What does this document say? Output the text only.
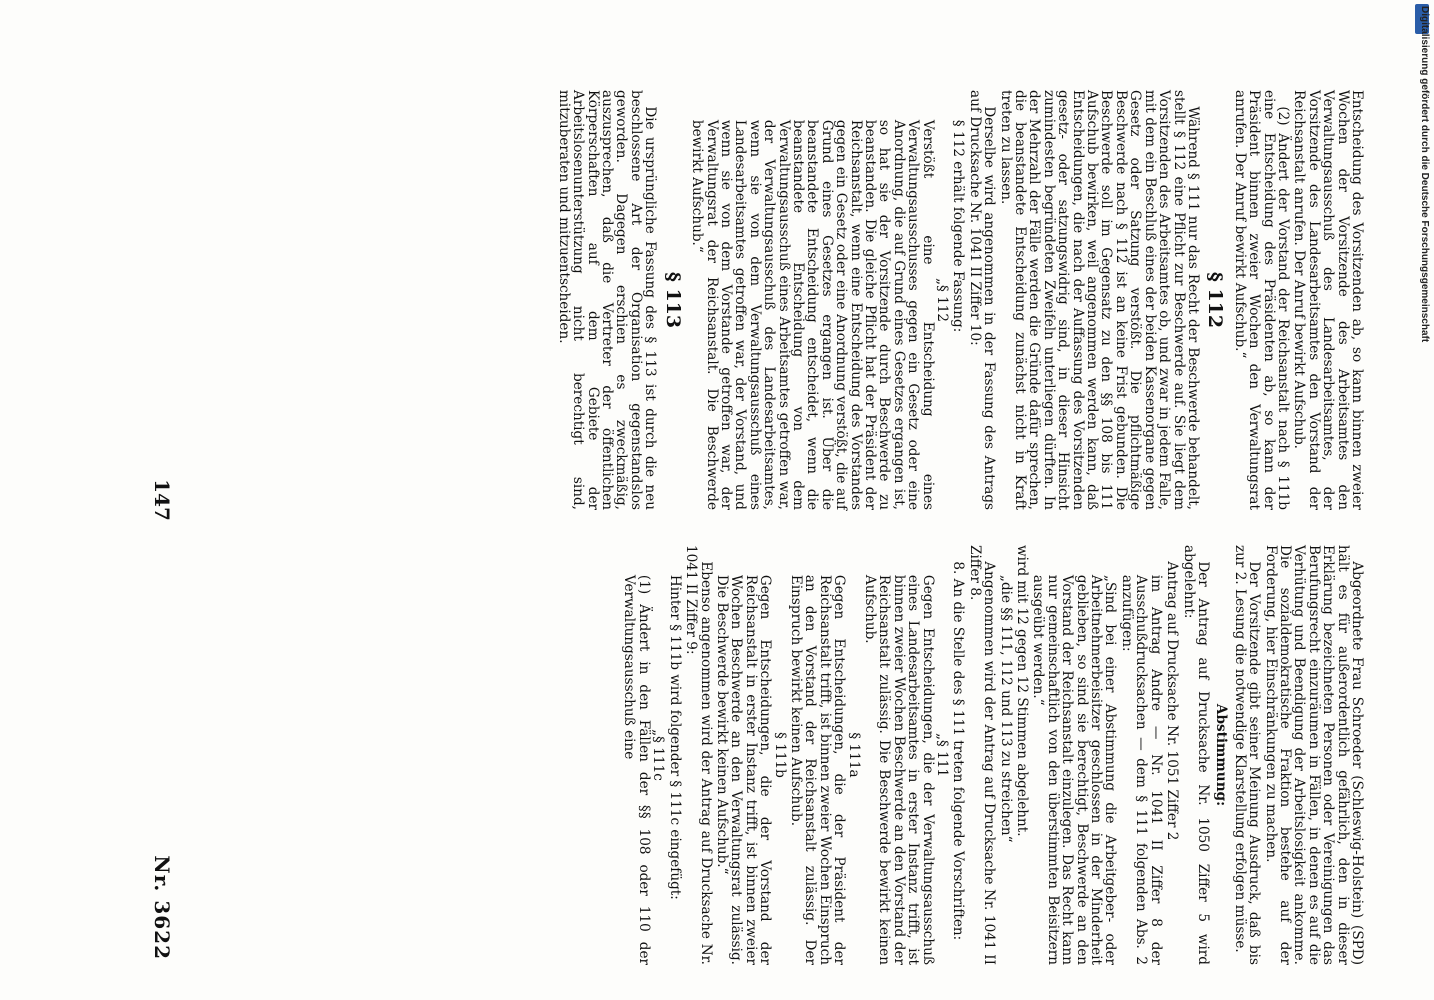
147
Nr. 3622	Abgeordnete Frau Schroeder (Schleswig-Holstein) (SPD) hält es für außerordentlich gefährlich, den in dieser Erklärung bezeichneten Personen oder Vereinigungen das Berufungsrecht einzuräumen in Fällen, in denen es auf die Verhütung und Beendigung der Arbeitslosigkeit ankomme. Die sozialdemokratische Fraktion bestehe auf der Forderung, hier Einschränkungen zu machen.
Der Vorsitzende gibt seiner Meinung Ausdruck, daß bis zur 2. Lesung die notwendige Klarstellung erfolgen müsse.
Abstimmung:
Der Antrag auf Drucksache Nr. 1050 Ziffer 5 wird abgelehnt:
Antrag auf Drucksache Nr. 1051 Ziffer 2
im Antrag Andre — Nr. 1041 II Ziffer 8 der Ausschußdrucksachen — dem § 111 folgenden Abs. 2 anzufügen:
„Sind bei einer Abstimmung die Arbeitgeber- oder Arbeitnehmerbeisitzer geschlossen in der Minderheit geblieben, so sind sie berechtigt, Beschwerde an den Vorstand der Reichsanstalt einzulegen. Das Recht kann nur gemeinschaftlich von den überstimmten Beisitzern ausgeübt werden.“
wird mit 12 gegen 12 Stimmen abgelehnt.
„die §§ 111, 112 und 113 zu streichen“
Angenommen wird der Antrag auf Drucksache Nr. 1041 II Ziffer 8.
8. An die Stelle des § 111 treten folgende Vorschriften:
„§ 111
Gegen Entscheidungen, die der Verwaltungsausschuß eines Landesarbeitsamtes in erster Instanz trifft, ist binnen zweier Wochen Beschwerde an den Vorstand der Reichsanstalt zulässig. Die Beschwerde bewirkt keinen Aufschub.
§ 111a
Gegen Entscheidungen, die der Präsident der Reichsanstalt trifft, ist binnen zweier Wochen Einspruch an den Vorstand der Reichsanstalt zulässig. Der Einspruch bewirkt keinen Aufschub.
§ 111b
Gegen Entscheidungen, die der Vorstand der Reichsanstalt in erster Instanz trifft, ist binnen zweier Wochen Beschwerde an den Verwaltungsrat zulässig. Die Beschwerde bewirkt keinen Aufschub.“
Ebenso angenommen wird der Antrag auf Drucksache Nr. 1041 II Ziffer 9:
Hinter § 111b wird folgender § 111c eingefügt:
„§ 111c
(1) Ändert in den Fällen der §§ 108 oder 110 der Verwaltungsausschuß eine
Entscheidung des Vorsitzenden ab, so kann binnen zweier Wochen der Vorsitzende des Arbeitsamtes den Verwaltungsausschuß des Landesarbeitsamtes, der Vorsitzende des Landesarbeitsamtes den Vorstand der Reichsanstalt anrufen. Der Anruf bewirkt Aufschub.
(2) Ändert der Vorstand der Reichsanstalt nach § 111b eine Entscheidung des Präsidenten ab, so kann der Präsident binnen zweier Wochen den Verwaltungsrat anrufen. Der Anruf bewirkt Aufschub.“
§ 112
Während § 111 nur das Recht der Beschwerde behandelt, stellt § 112 eine Pflicht zur Beschwerde auf. Sie liegt dem Vorsitzenden des Arbeitsamtes ob, und zwar in jedem Falle, mit dem ein Beschluß eines der beiden Kassenorgane gegen Gesetz oder Satzung verstößt. Die pflichtmäßige Beschwerde nach § 112 ist an keine Frist gebunden. Die Beschwerde soll im Gegensatz zu den §§ 108 bis 111 Aufschub bewirken, weil angenommen werden kann, daß Entscheidungen, die nach der Auffassung des Vorsitzenden gesetz- oder satzungswidrig sind, in dieser Hinsicht zumindesten begründeten Zweifeln unterliegen dürften. In der Mehrzahl der Fälle werden die Gründe dafür sprechen, die beanstandete Entscheidung zunächst nicht in Kraft treten zu lassen.
Derselbe wird angenommen in der Fassung des Antrags auf Drucksache Nr. 1041 II Ziffer 10:
§ 112 erhält folgende Fassung:
„§ 112
Verstößt eine Entscheidung eines Verwaltungsausschusses gegen ein Gesetz oder eine Anordnung, die auf Grund eines Gesetzes ergangen ist, so hat sie der Vorsitzende durch Beschwerde zu beanstanden. Die gleiche Pflicht hat der Präsident der Reichsanstalt, wenn eine Entscheidung des Vorstandes gegen ein Gesetz oder eine Anordnung verstößt, die auf Grund eines Gesetzes ergangen ist. Über die beanstandete Entscheidung entscheidet, wenn die beanstandete Entscheidung von dem Verwaltungsausschuß eines Arbeitsamtes getroffen war, der Verwaltungsausschuß des Landesarbeitsamtes, wenn sie von dem Verwaltungsausschuß eines Landesarbeitsamtes getroffen war, der Vorstand, und wenn sie von dem Vorstande getroffen war, der Verwaltungsrat der Reichsanstalt. Die Beschwerde bewirkt Aufschub.“
§ 113
Die ursprüngliche Fassung des § 113 ist durch die neu beschlossene Art der Organisation gegenstandslos geworden. Dagegen erschien es zweckmäßig, auszusprechen, daß die Vertreter der öffentlichen Körperschaften auf dem Gebiete der Arbeitslosenunterstützung nicht berechtigt sind, mitzuberaten und mitzuentscheiden.	Digitalisierung gefördert durch die Deutsche Forschungsgemeinschaft
